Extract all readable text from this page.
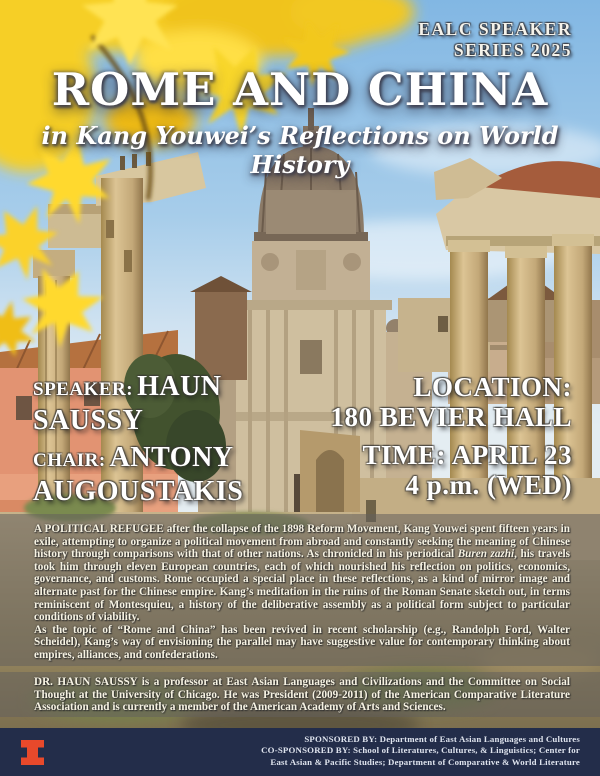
EALC SPEAKER
SERIES 2025
ROME AND CHINA
in Kang Youwei’s Reflections on World History
SPEAKER: HAUN
SAUSSY
CHAIR: ANTONY
AUGOUSTAKIS
LOCATION:
180 BEVIER HALL
TIME: APRIL 23
4 p.m. (WED)

A POLITICAL REFUGEE after the collapse of the 1898 Reform Movement, Kang Youwei spent fifteen years in exile, attempting to organize a political movement from abroad and constantly seeking the meaning of Chinese history through comparisons with that of other nations. As chronicled in his periodical Buren zazhi, his travels took him through eleven European countries, each of which nourished his reflection on politics, economics, governance, and customs. Rome occupied a special place in these reflections, as a kind of mirror image and alternate past for the Chinese empire. Kang’s meditation in the ruins of the Roman Senate sketch out, in terms reminiscent of Montesquieu, a history of the deliberative assembly as a political form subject to particular conditions of viability.

As the topic of “Rome and China” has been revived in recent scholarship (e.g., Randolph Ford, Walter Scheidel), Kang’s way of envisioning the parallel may have suggestive value for contemporary thinking about empires, alliances, and confederations.

DR. HAUN SAUSSY is a professor at East Asian Languages and Civilizations and the Committee on Social Thought at the University of Chicago. He was President (2009-2011) of the American Comparative Literature Association and is currently a member of the American Academy of Arts and Sciences.

SPONSORED BY: Department of East Asian Languages and Cultures
CO-SPONSORED BY: School of Literatures, Cultures, & Linguistics; Center for
East Asian & Pacific Studies; Department of Comparative & World Literature
